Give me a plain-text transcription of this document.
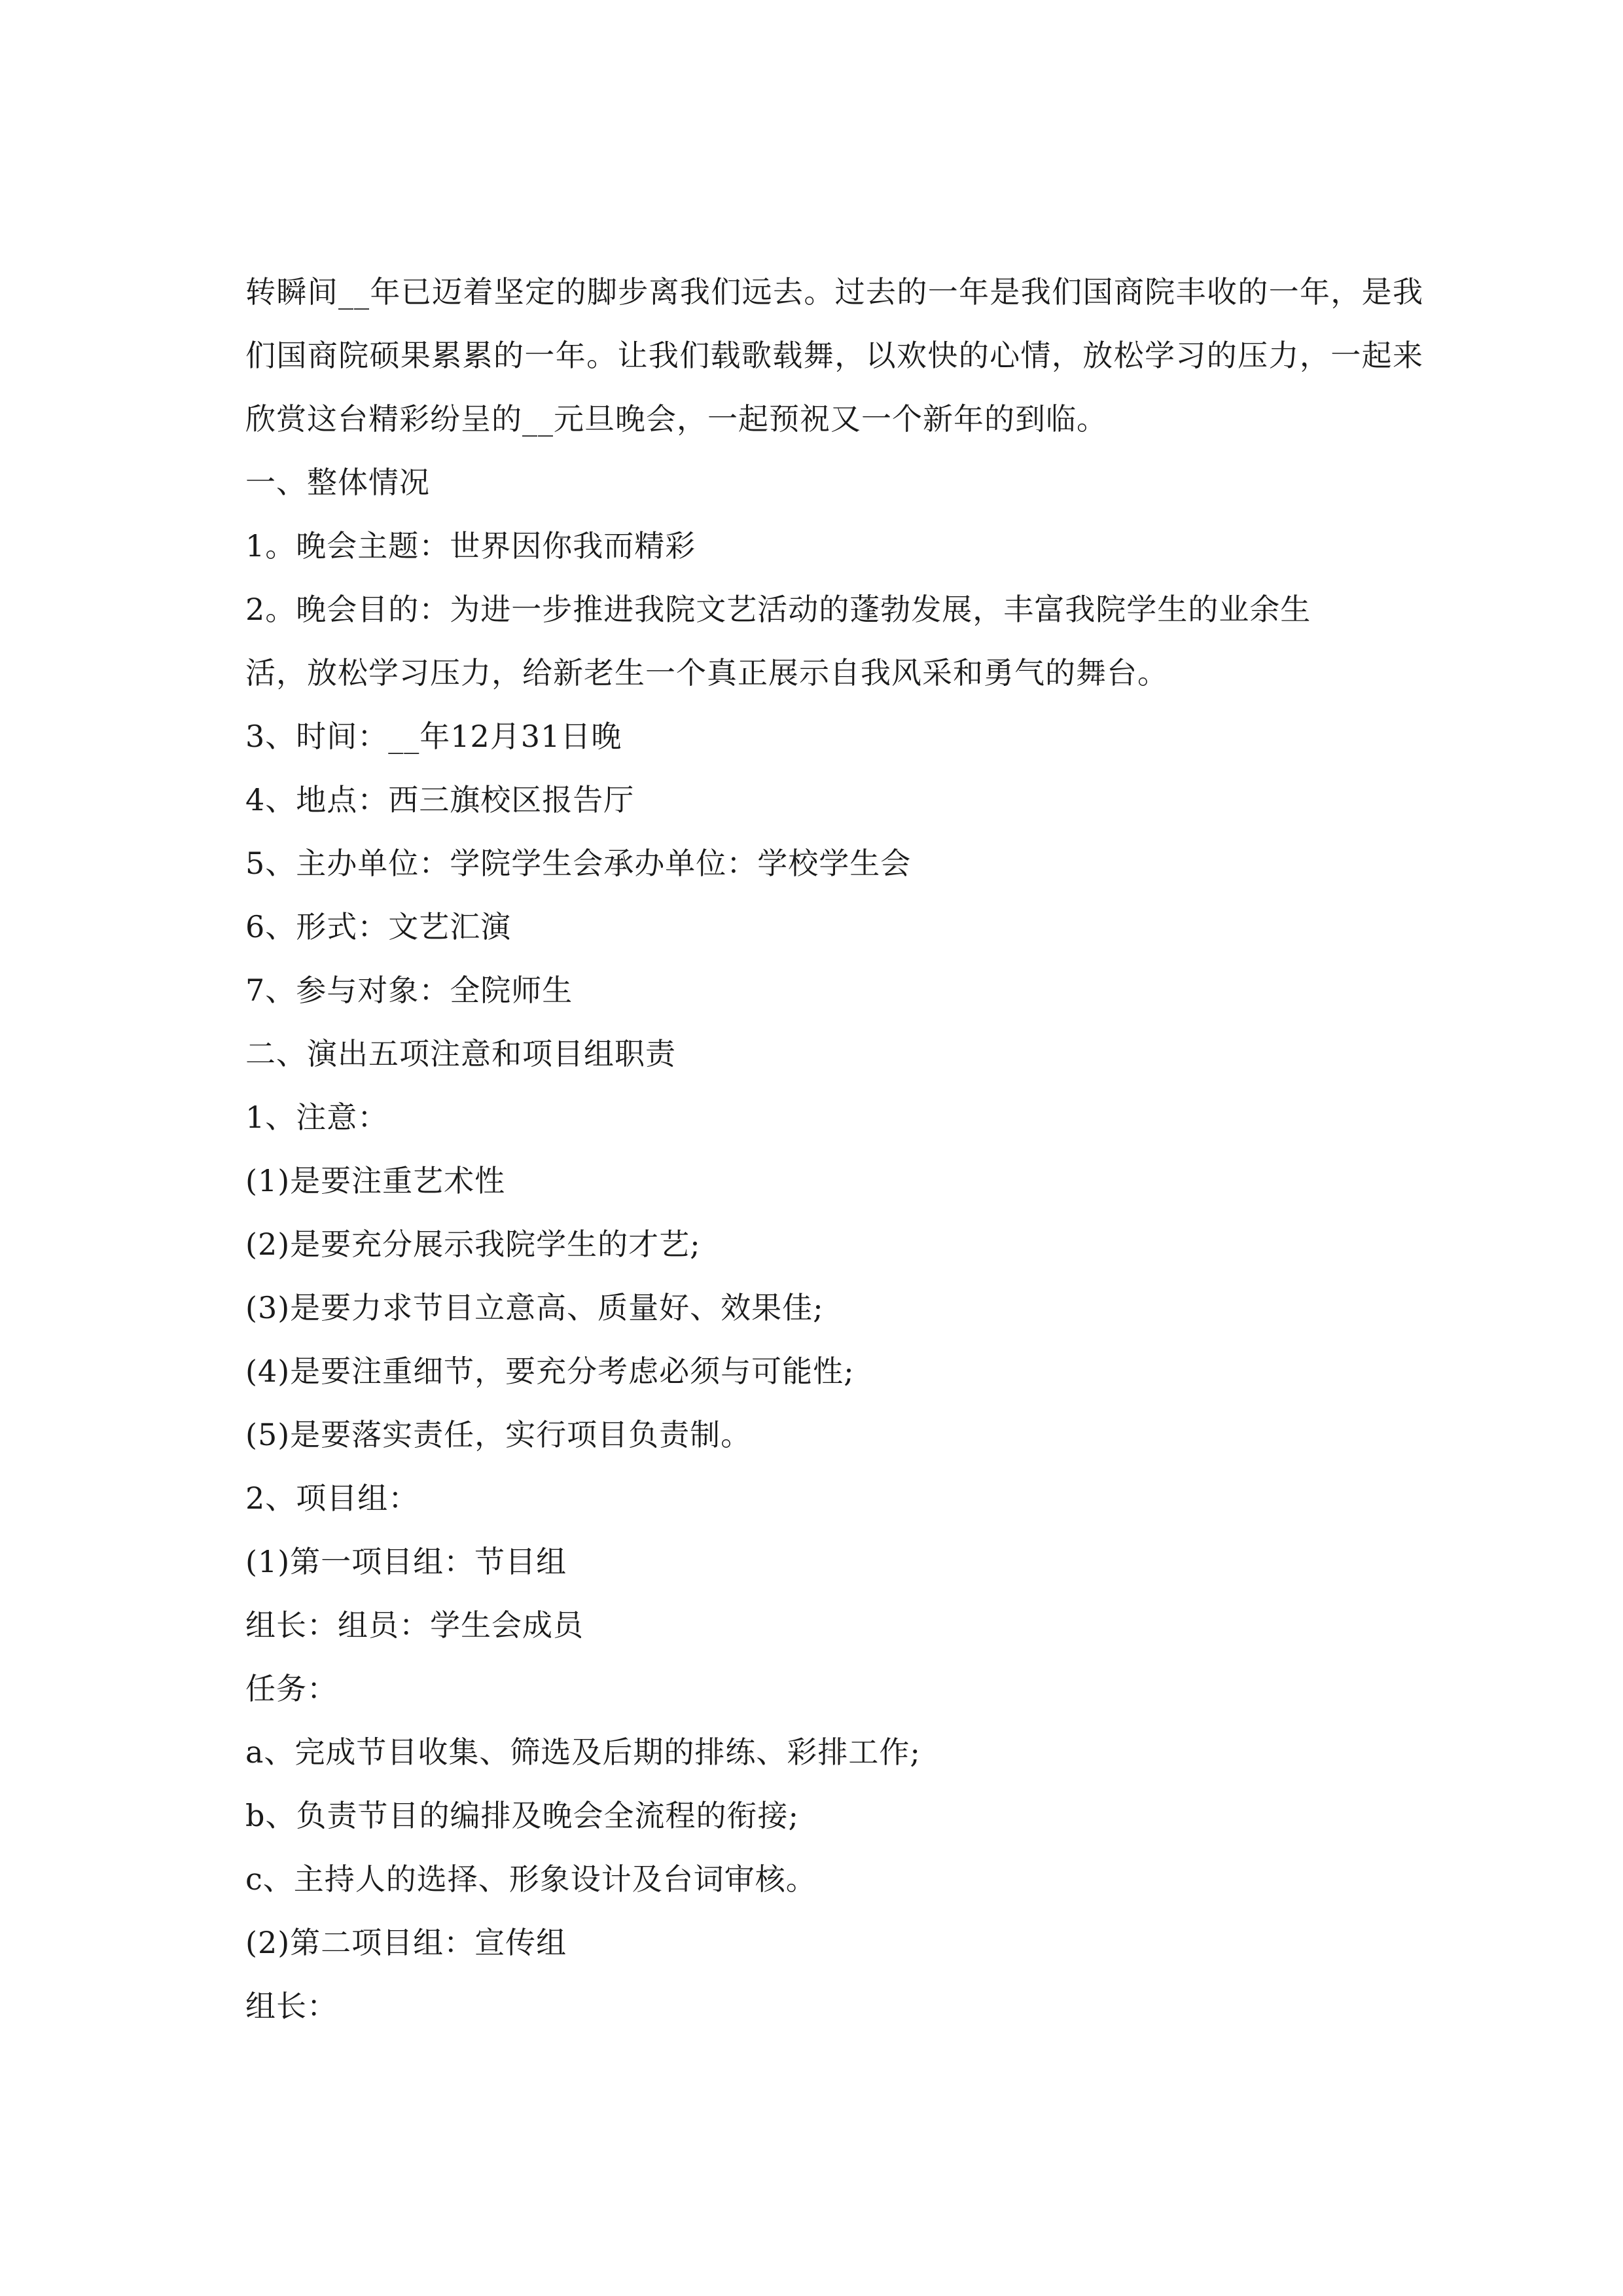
转瞬间__年已迈着坚定的脚步离我们远去。过去的一年是我们国商院丰收的一年，是我们国商院硕果累累的一年。让我们载歌载舞，以欢快的心情，放松学习的压力，一起来欣赏这台精彩纷呈的__元旦晚会，一起预祝又一个新年的到临。

一、整体情况

1。晚会主题：世界因你我而精彩

2。晚会目的：为进一步推进我院文艺活动的蓬勃发展，丰富我院学生的业余生

活，放松学习压力，给新老生一个真正展示自我风采和勇气的舞台。

3、时间：__年12月31日晚

4、地点：西三旗校区报告厅

5、主办单位：学院学生会承办单位：学校学生会

6、形式：文艺汇演

7、参与对象：全院师生

二、演出五项注意和项目组职责

1、注意：

(1)是要注重艺术性

(2)是要充分展示我院学生的才艺;

(3)是要力求节目立意高、质量好、效果佳;

(4)是要注重细节，要充分考虑必须与可能性;

(5)是要落实责任，实行项目负责制。

2、项目组：

(1)第一项目组：节目组

组长：组员：学生会成员

任务：

a、完成节目收集、筛选及后期的排练、彩排工作;

b、负责节目的编排及晚会全流程的衔接;

c、主持人的选择、形象设计及台词审核。

(2)第二项目组：宣传组

组长：
